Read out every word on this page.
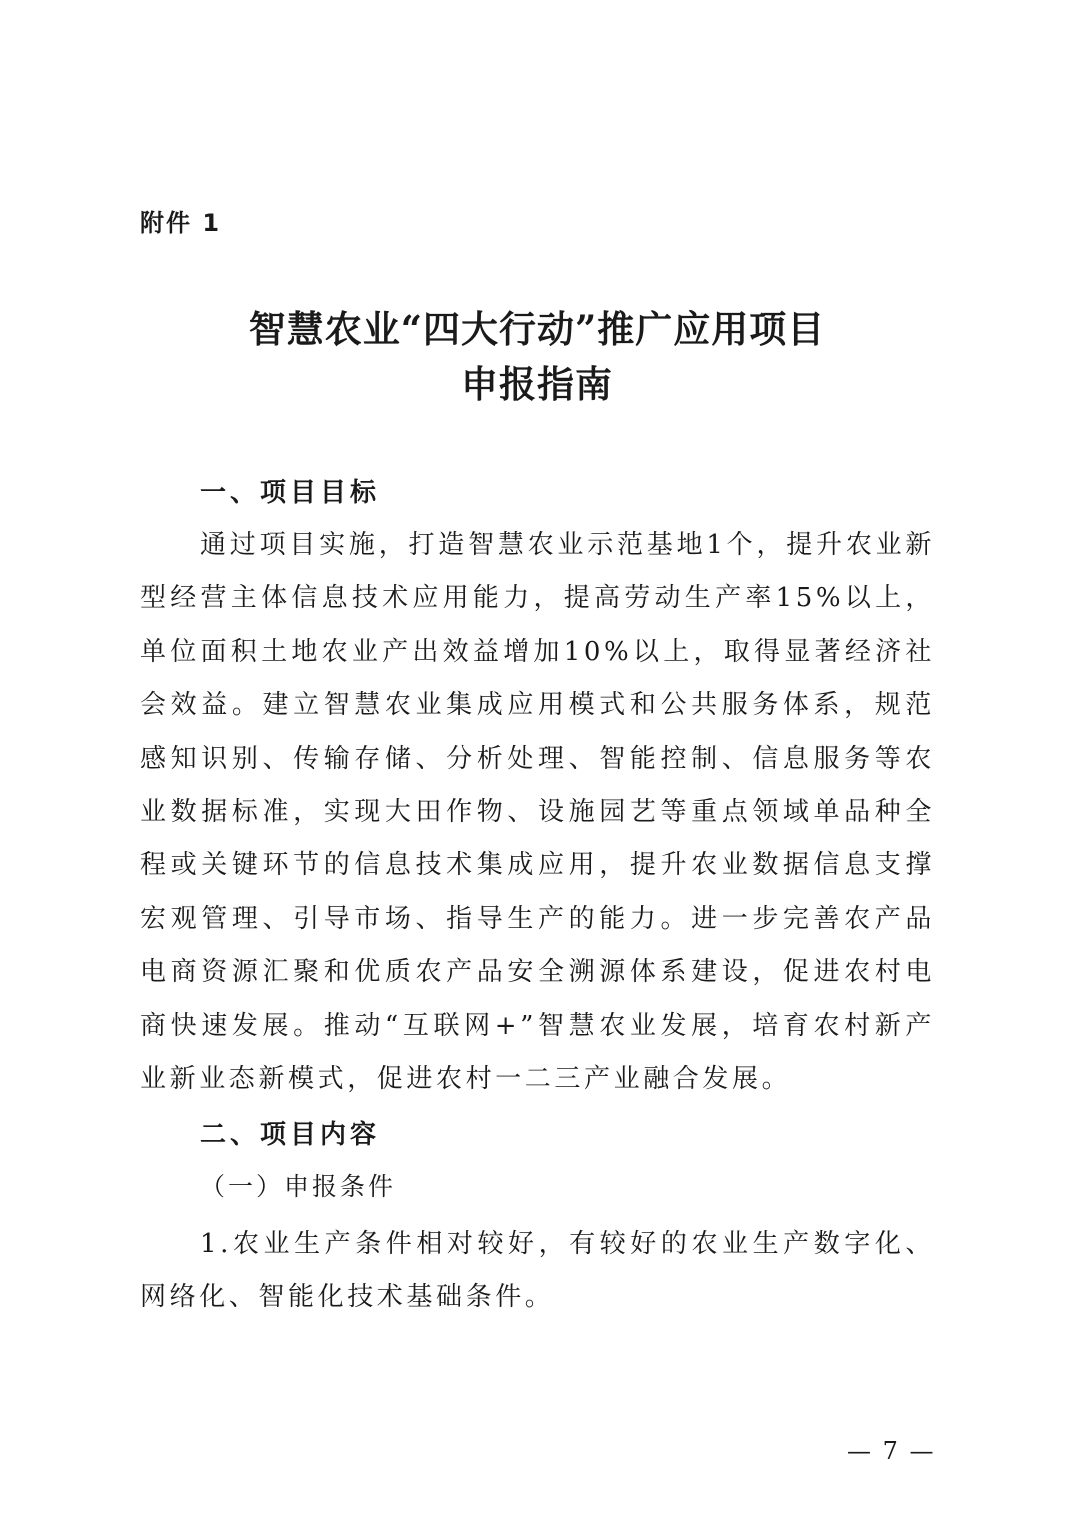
附件 1
智慧农业“四大行动”推广应用项目
申报指南
一、项目目标
通过项目实施，打造智慧农业示范基地1个，提升农业新型经营主体信息技术应用能力，提高劳动生产率15%以上，单位面积土地农业产出效益增加10%以上，取得显著经济社会效益。建立智慧农业集成应用模式和公共服务体系，规范感知识别、传输存储、分析处理、智能控制、信息服务等农业数据标准，实现大田作物、设施园艺等重点领域单品种全程或关键环节的信息技术集成应用，提升农业数据信息支撑宏观管理、引导市场、指导生产的能力。进一步完善农产品电商资源汇聚和优质农产品安全溯源体系建设，促进农村电商快速发展。推动“互联网+”智慧农业发展，培育农村新产业新业态新模式，促进农村一二三产业融合发展。
二、项目内容
（一）申报条件
1.农业生产条件相对较好，有较好的农业生产数字化、网络化、智能化技术基础条件。
— 7 —
